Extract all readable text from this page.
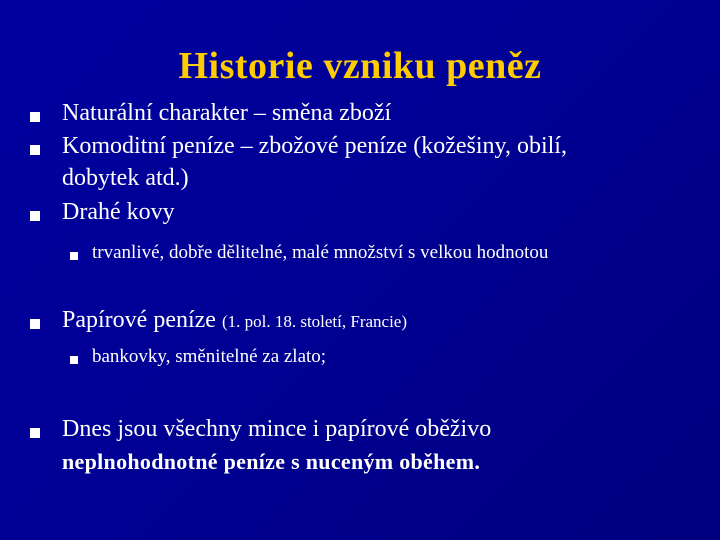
Historie vzniku peněz
Naturální charakter – směna zboží
Komoditní peníze – zbožové peníze (kožešiny, obilí,
dobytek atd.)
Drahé kovy
trvanlivé, dobře dělitelné, malé množství s velkou hodnotou
Papírové peníze (1. pol. 18. století, Francie)
bankovky, směnitelné za zlato;
Dnes jsou všechny mince i papírové oběživo
neplnohodnotné peníze s nuceným oběhem.
